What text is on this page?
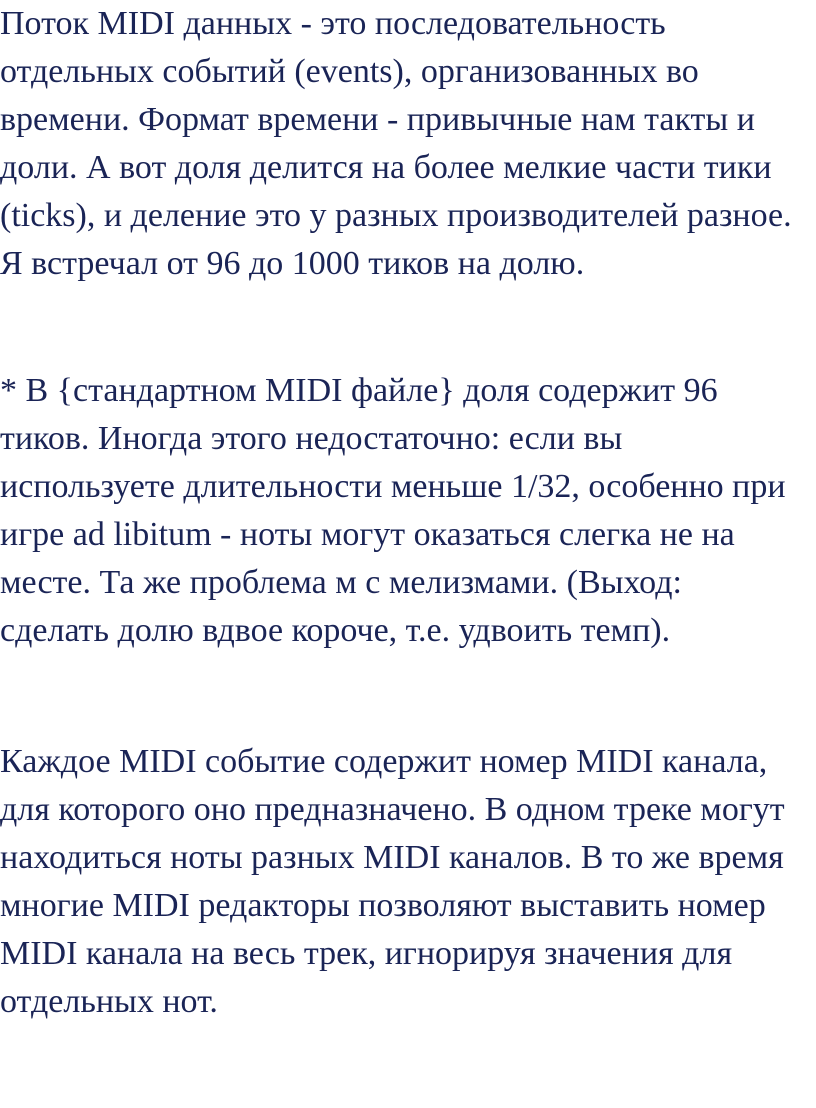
Поток MIDI данных - это последовательность
отдельных событий (events), организованных во
времени. Формат времени - привычные нам такты и
доли. А вот доля делится на более мелкие части тики
(ticks), и деление это у разных производителей разное.
Я встречал от 96 до 1000 тиков на долю.

* В {стандартном MIDI файле} доля содержит 96
тиков. Иногда этого недостаточно: если вы
используете длительности меньше 1/32, особенно при
игре ad libitum - ноты могут оказаться слегка не на
месте. Та же проблема м с мелизмами. (Выход:
сделать долю вдвое короче, т.е. удвоить темп).

Каждое MIDI событие содержит номер MIDI канала,
для которого оно предназначено. В одном треке могут
находиться ноты разных MIDI каналов. В то же время
многие MIDI редакторы позволяют выставить номер
MIDI канала на весь трек, игнорируя значения для
отдельных нот.
